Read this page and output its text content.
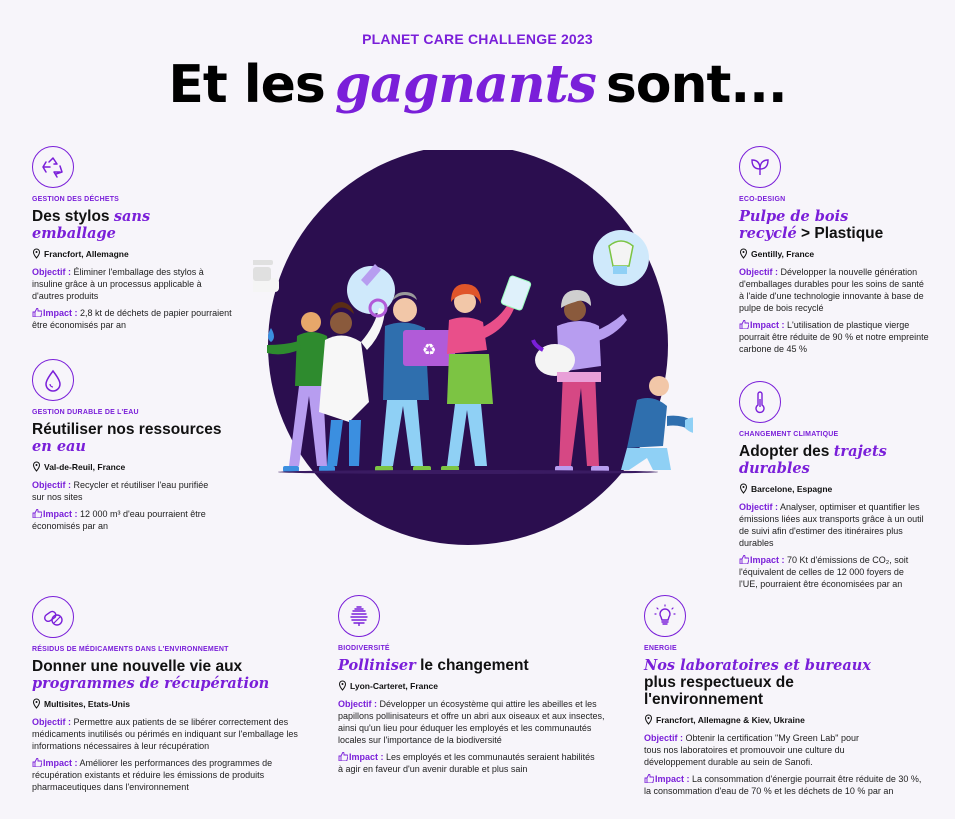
PLANET CARE CHALLENGE 2023
Et les gagnants sont...
♻
GESTION DES DÉCHETS
Des stylos sans emballage
Francfort, Allemagne
Objectif : Éliminer l'emballage des stylos à insuline grâce à un processus applicable à d'autres produits
Impact : 2,8 kt de déchets de papier pourraient être économisés par an
GESTION DURABLE DE L'EAU
Réutiliser nos ressources en eau
Val-de-Reuil, France
Objectif : Recycler et réutiliser l'eau purifiée sur nos sites
Impact : 12 000 m³ d'eau pourraient être économisés par an
RÉSIDUS DE MÉDICAMENTS DANS L'ENVIRONNEMENT
Donner une nouvelle vie aux programmes de récupération
Multisites, Etats-Unis
Objectif : Permettre aux patients de se libérer correctement des médicaments inutilisés ou périmés en indiquant sur l'emballage les informations nécessaires à leur récupération
Impact : Améliorer les performances des programmes de récupération existants et réduire les émissions de produits pharmaceutiques dans l'environnement
BIODIVERSITÉ
Polliniser le changement
Lyon-Carteret, France
Objectif : Développer un écosystème qui attire les abeilles et les papillons pollinisateurs et offre un abri aux oiseaux et aux insectes, ainsi qu'un lieu pour éduquer les employés et les communautés locales sur l'importance de la biodiversité
Impact : Les employés et les communautés seraient habilités à agir en faveur d'un avenir durable et plus sain
ECO-DESIGN
Pulpe de bois recyclé > Plastique
Gentilly, France
Objectif : Développer la nouvelle génération d'emballages durables pour les soins de santé à l'aide d'une technologie innovante à base de pulpe de bois recyclé
Impact : L'utilisation de plastique vierge pourrait être réduite de 90 % et notre empreinte carbone de 45 %
CHANGEMENT CLIMATIQUE
Adopter des trajets durables
Barcelone, Espagne
Objectif : Analyser, optimiser et quantifier les émissions liées aux transports grâce à un outil de suivi afin d'estimer des itinéraires plus durables
Impact : 70 Kt d'émissions de CO₂, soit l'équivalent de celles de 12 000 foyers de l'UE, pourraient être économisées par an
ENERGIE
Nos laboratoires et bureaux plus respectueux de l'environnement
Francfort, Allemagne & Kiev, Ukraine
Objectif : Obtenir la certification "My Green Lab" pour tous nos laboratoires et promouvoir une culture du développement durable au sein de Sanofi.
Impact : La consommation d'énergie pourrait être réduite de 30 %, la consommation d'eau de 70 % et les déchets de 10 % par an
